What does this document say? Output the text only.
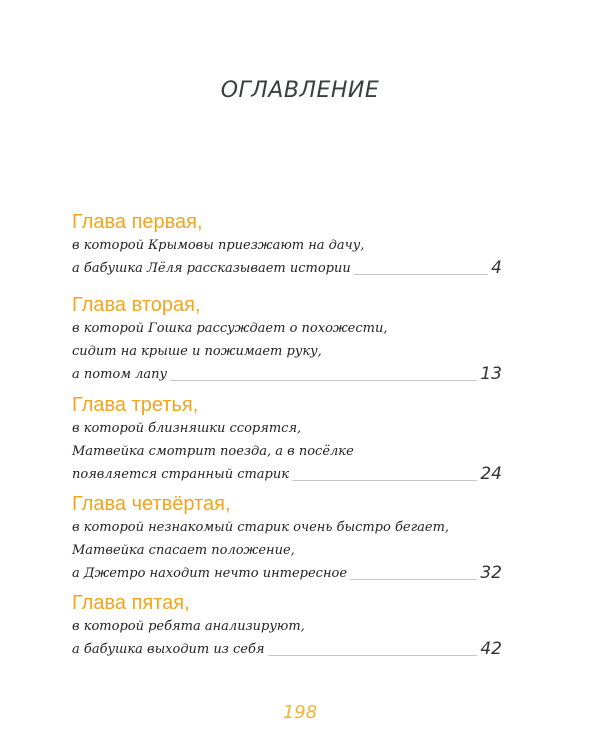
ОГЛАВЛЕНИЕ
Глава первая,
в которой Крымовы приезжают на дачу,
а бабушка Лёля рассказывает истории	4
Глава вторая,
в которой Гошка рассуждает о похожести,
сидит на крыше и пожимает руку,
а потом лапу	13
Глава третья,
в которой близняшки ссорятся,
Матвейка смотрит поезда, а в посёлке
появляется странный старик	24
Глава четвёртая,
в которой незнакомый старик очень быстро бегает,
Матвейка спасает положение,
а Джетро находит нечто интересное	32
Глава пятая,
в которой ребята анализируют,
а бабушка выходит из себя	42
198
